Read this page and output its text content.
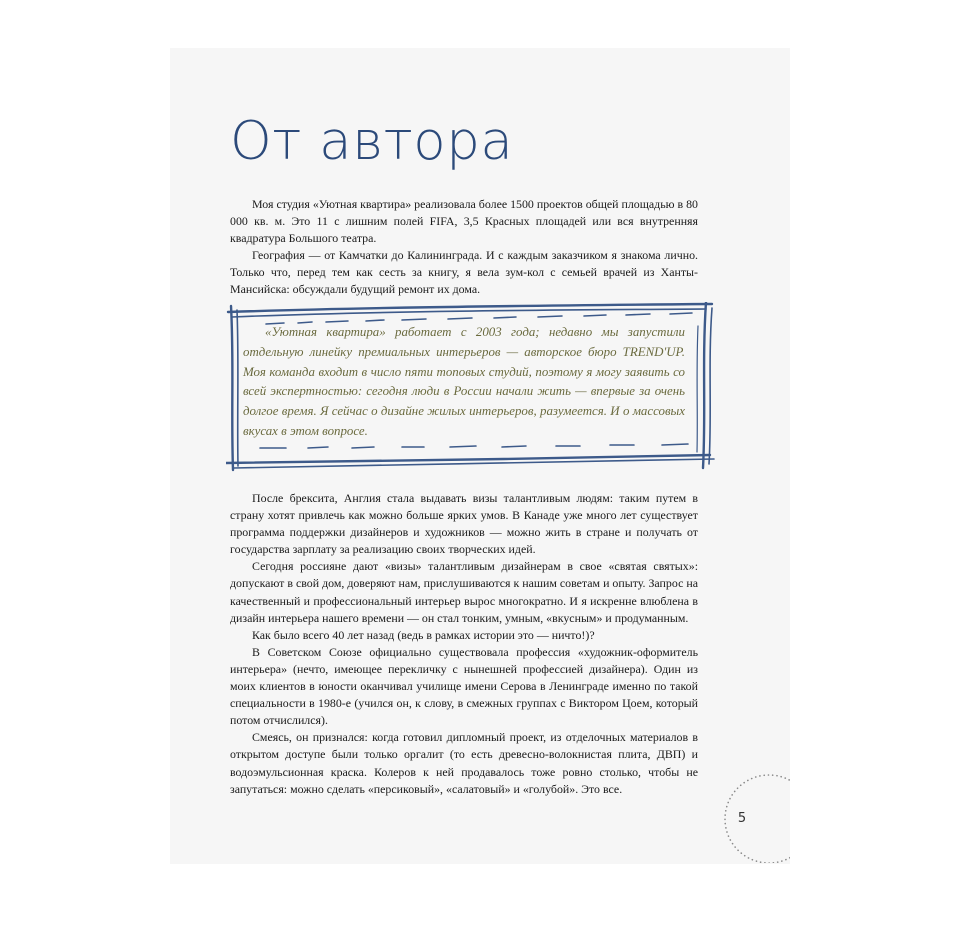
От автора

Моя студия «Уютная квартира» реализовала более 1500 проектов общей площадью в 80 000 кв. м. Это 11 с лишним полей FIFA, 3,5 Красных площадей или вся внутренняя квадратура Большого театра.

География — от Камчатки до Калининграда. И с каждым заказчиком я знакома лично. Только что, перед тем как сесть за книгу, я вела зум-кол с семьей врачей из Ханты-Мансийска: обсуждали будущий ремонт их дома.

«Уютная квартира» работает с 2003 года; недавно мы запустили отдельную линейку премиальных интерьеров — авторское бюро TREND'UP. Моя команда входит в число пяти топовых студий, поэтому я могу заявить со всей экспертностью: сегодня люди в России начали жить — впервые за очень долгое время. Я сейчас о дизайне жилых интерьеров, разумеется. И о массовых вкусах в этом вопросе.

После брексита, Англия стала выдавать визы талантливым людям: таким путем в страну хотят привлечь как можно больше ярких умов. В Канаде уже много лет существует программа поддержки дизайнеров и художников — можно жить в стране и получать от государства зарплату за реализацию своих творческих идей.

Сегодня россияне дают «визы» талантливым дизайнерам в свое «святая святых»: допускают в свой дом, доверяют нам, прислушиваются к нашим советам и опыту. Запрос на качественный и профессиональный интерьер вырос многократно. И я искренне влюблена в дизайн интерьера нашего времени — он стал тонким, умным, «вкусным» и продуманным.

Как было всего 40 лет назад (ведь в рамках истории это — ничто!)?

В Советском Союзе официально существовала профессия «художник-оформитель интерьера» (нечто, имеющее перекличку с нынешней профессией дизайнера). Один из моих клиентов в юности оканчивал училище имени Серова в Ленинграде именно по такой специальности в 1980-е (учился он, к слову, в смежных группах с Виктором Цоем, который потом отчислился).

Смеясь, он признался: когда готовил дипломный проект, из отделочных материалов в открытом доступе были только оргалит (то есть древесно-волокнистая плита, ДВП) и водоэмульсионная краска. Колеров к ней продавалось тоже ровно столько, чтобы не запутаться: можно сделать «персиковый», «салатовый» и «голубой». Это все.

5
